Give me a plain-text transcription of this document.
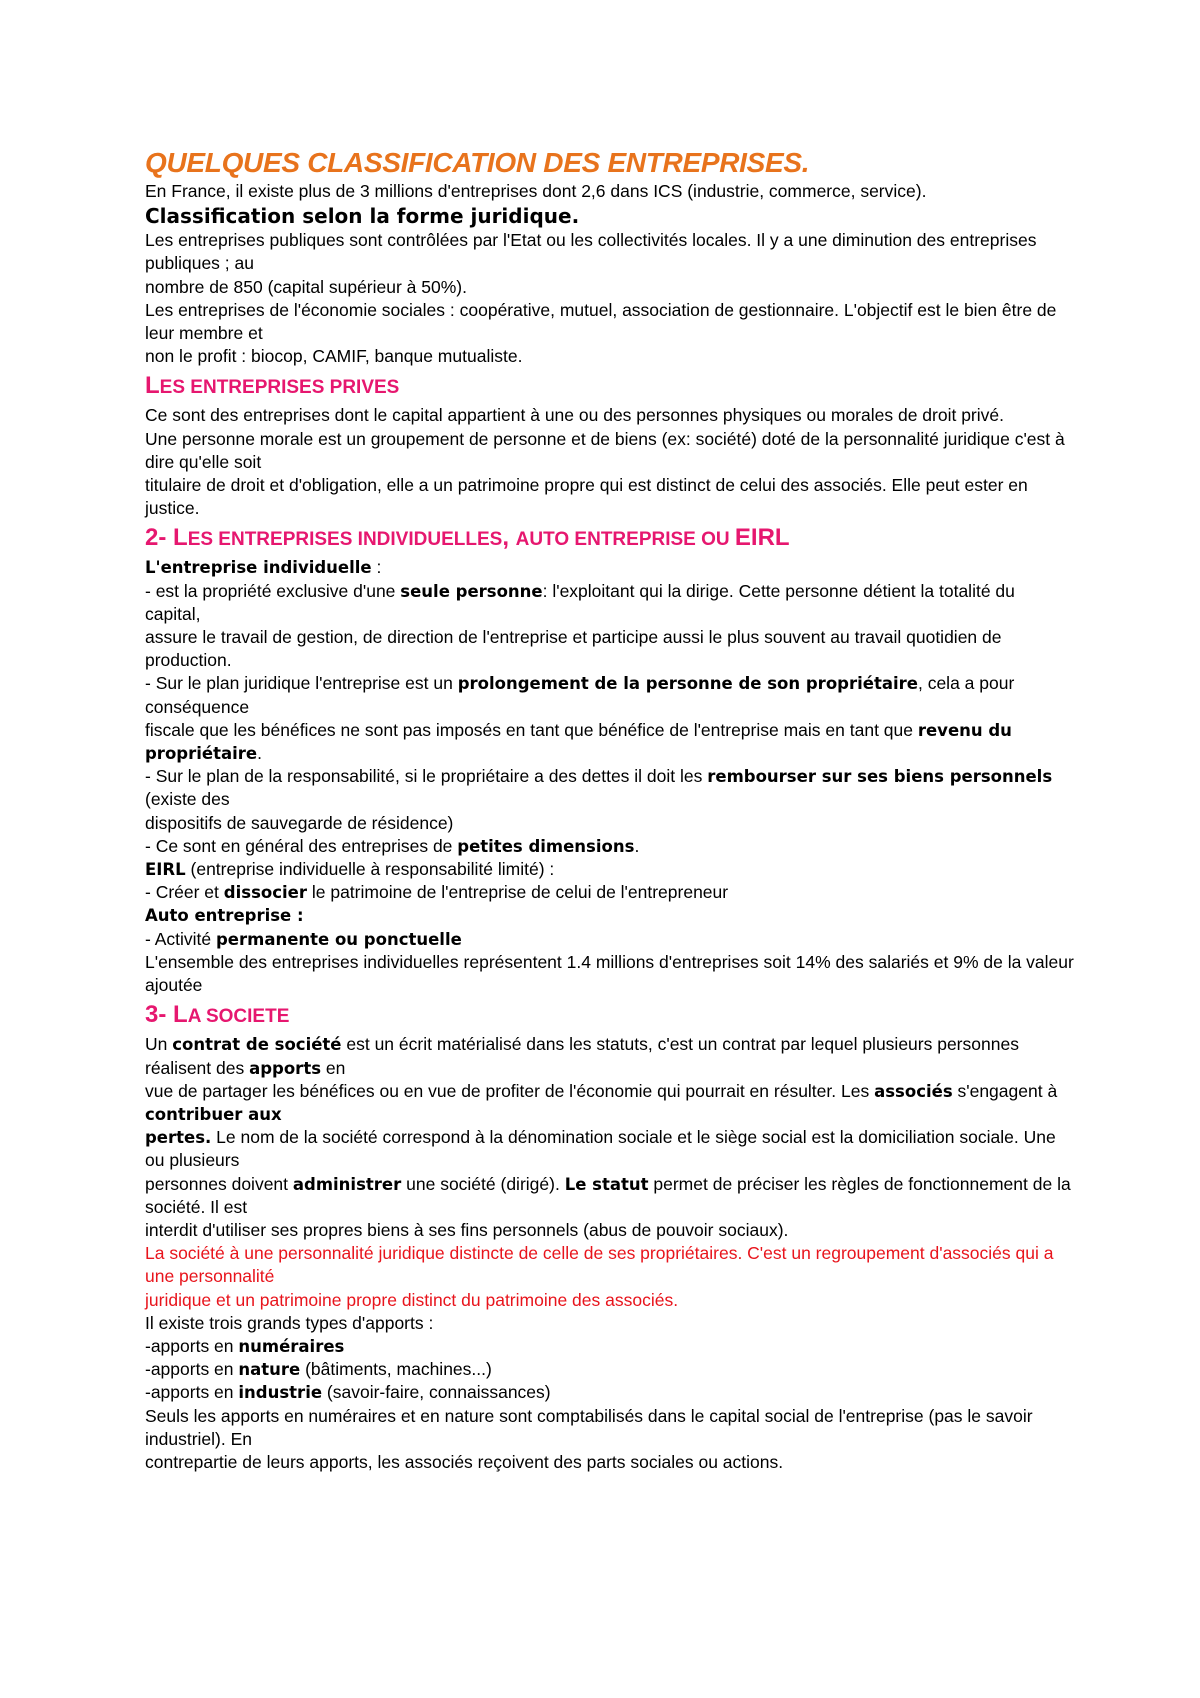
QUELQUES CLASSIFICATION DES ENTREPRISES.

En France, il existe plus de 3 millions d'entreprises dont 2,6 dans ICS (industrie, commerce, service).

Classification selon la forme juridique.

Les entreprises publiques sont contrôlées par l'Etat ou les collectivités locales. Il y a une diminution des entreprises publiques ; au

nombre de 850 (capital supérieur à 50%).

Les entreprises de l'économie sociales : coopérative, mutuel, association de gestionnaire. L'objectif est le bien être de leur membre et

non le profit : biocop, CAMIF, banque mutualiste.

LES ENTREPRISES PRIVES

Ce sont des entreprises dont le capital appartient à une ou des personnes physiques ou morales de droit privé.

Une personne morale est un groupement de personne et de biens (ex: société) doté de la personnalité juridique c'est à dire qu'elle soit

titulaire de droit et d'obligation, elle a un patrimoine propre qui est distinct de celui des associés. Elle peut ester en justice.

2- LES ENTREPRISES INDIVIDUELLES, AUTO ENTREPRISE OU EIRL

L'entreprise individuelle :

- est la propriété exclusive d'une seule personne: l'exploitant qui la dirige. Cette personne détient la totalité du capital,

assure le travail de gestion, de direction de l'entreprise et participe aussi le plus souvent au travail quotidien de

production.

- Sur le plan juridique l'entreprise est un prolongement de la personne de son propriétaire, cela a pour conséquence

fiscale que les bénéfices ne sont pas imposés en tant que bénéfice de l'entreprise mais en tant que revenu du

propriétaire.

- Sur le plan de la responsabilité, si le propriétaire a des dettes il doit les rembourser sur ses biens personnels (existe des

dispositifs de sauvegarde de résidence)

- Ce sont en général des entreprises de petites dimensions.

EIRL (entreprise individuelle à responsabilité limité) :

- Créer et dissocier le patrimoine de l'entreprise de celui de l'entrepreneur

Auto entreprise :

- Activité permanente ou ponctuelle

L'ensemble des entreprises individuelles représentent 1.4 millions d'entreprises soit 14% des salariés et 9% de la valeur ajoutée

3- LA SOCIETE

Un contrat de société est un écrit matérialisé dans les statuts, c'est un contrat par lequel plusieurs personnes réalisent des apports en

vue de partager les bénéfices ou en vue de profiter de l'économie qui pourrait en résulter. Les associés s'engagent à contribuer aux

pertes. Le nom de la société correspond à la dénomination sociale et le siège social est la domiciliation sociale. Une ou plusieurs

personnes doivent administrer une société (dirigé). Le statut permet de préciser les règles de fonctionnement de la société. Il est

interdit d'utiliser ses propres biens à ses fins personnels (abus de pouvoir sociaux).

La société à une personnalité juridique distincte de celle de ses propriétaires. C'est un regroupement d'associés qui a une personnalité

juridique et un patrimoine propre distinct du patrimoine des associés.

Il existe trois grands types d'apports :

-apports en numéraires

-apports en nature (bâtiments, machines...)

-apports en industrie (savoir-faire, connaissances)

Seuls les apports en numéraires et en nature sont comptabilisés dans le capital social de l'entreprise (pas le savoir industriel). En

contrepartie de leurs apports, les associés reçoivent des parts sociales ou actions.
